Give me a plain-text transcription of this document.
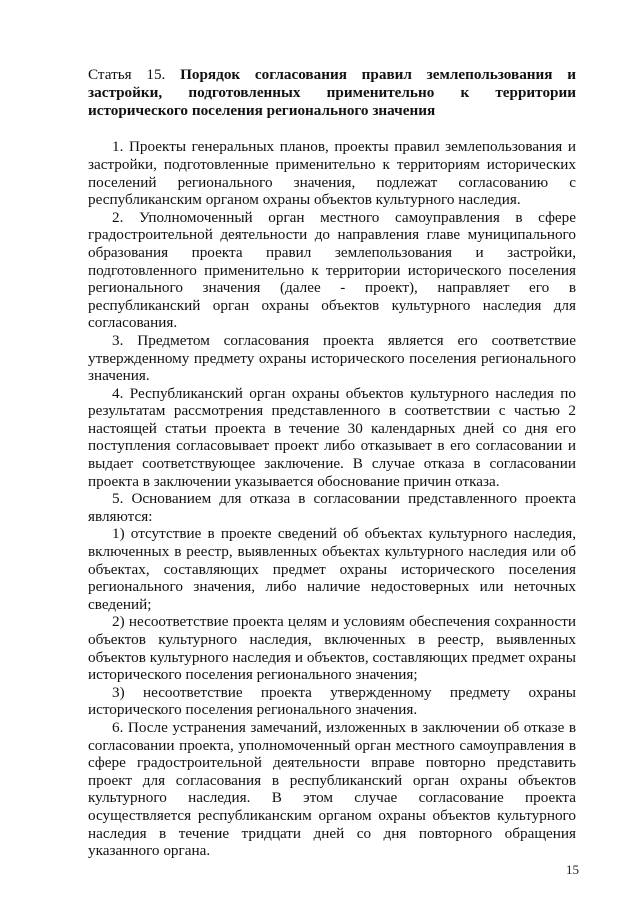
Статья 15. Порядок согласования правил землепользования и застройки, подготовленных применительно к территории исторического поселения регионального значения

1. Проекты генеральных планов, проекты правил землепользования и застройки, подготовленные применительно к территориям исторических поселений регионального значения, подлежат согласованию с республиканским органом охраны объектов культурного наследия.

2. Уполномоченный орган местного самоуправления в сфере градостроительной деятельности до направления главе муниципального образования проекта правил землепользования и застройки, подготовленного применительно к территории исторического поселения регионального значения (далее - проект), направляет его в республиканский орган охраны объектов культурного наследия для согласования.

3. Предметом согласования проекта является его соответствие утвержденному предмету охраны исторического поселения регионального значения.

4. Республиканский орган охраны объектов культурного наследия по результатам рассмотрения представленного в соответствии с частью 2 настоящей статьи проекта в течение 30 календарных дней со дня его поступления согласовывает проект либо отказывает в его согласовании и выдает соответствующее заключение. В случае отказа в согласовании проекта в заключении указывается обоснование причин отказа.

5. Основанием для отказа в согласовании представленного проекта являются:

1) отсутствие в проекте сведений об объектах культурного наследия, включенных в реестр, выявленных объектах культурного наследия или об объектах, составляющих предмет охраны исторического поселения регионального значения, либо наличие недостоверных или неточных сведений;

2) несоответствие проекта целям и условиям обеспечения сохранности объектов культурного наследия, включенных в реестр, выявленных объектов культурного наследия и объектов, составляющих предмет охраны исторического поселения регионального значения;

3) несоответствие проекта утвержденному предмету охраны исторического поселения регионального значения.

6. После устранения замечаний, изложенных в заключении об отказе в согласовании проекта, уполномоченный орган местного самоуправления в сфере градостроительной деятельности вправе повторно представить проект для согласования в республиканский орган охраны объектов культурного наследия. В этом случае согласование проекта осуществляется республиканским органом охраны объектов культурного наследия в течение тридцати дней со дня повторного обращения указанного органа.

15
